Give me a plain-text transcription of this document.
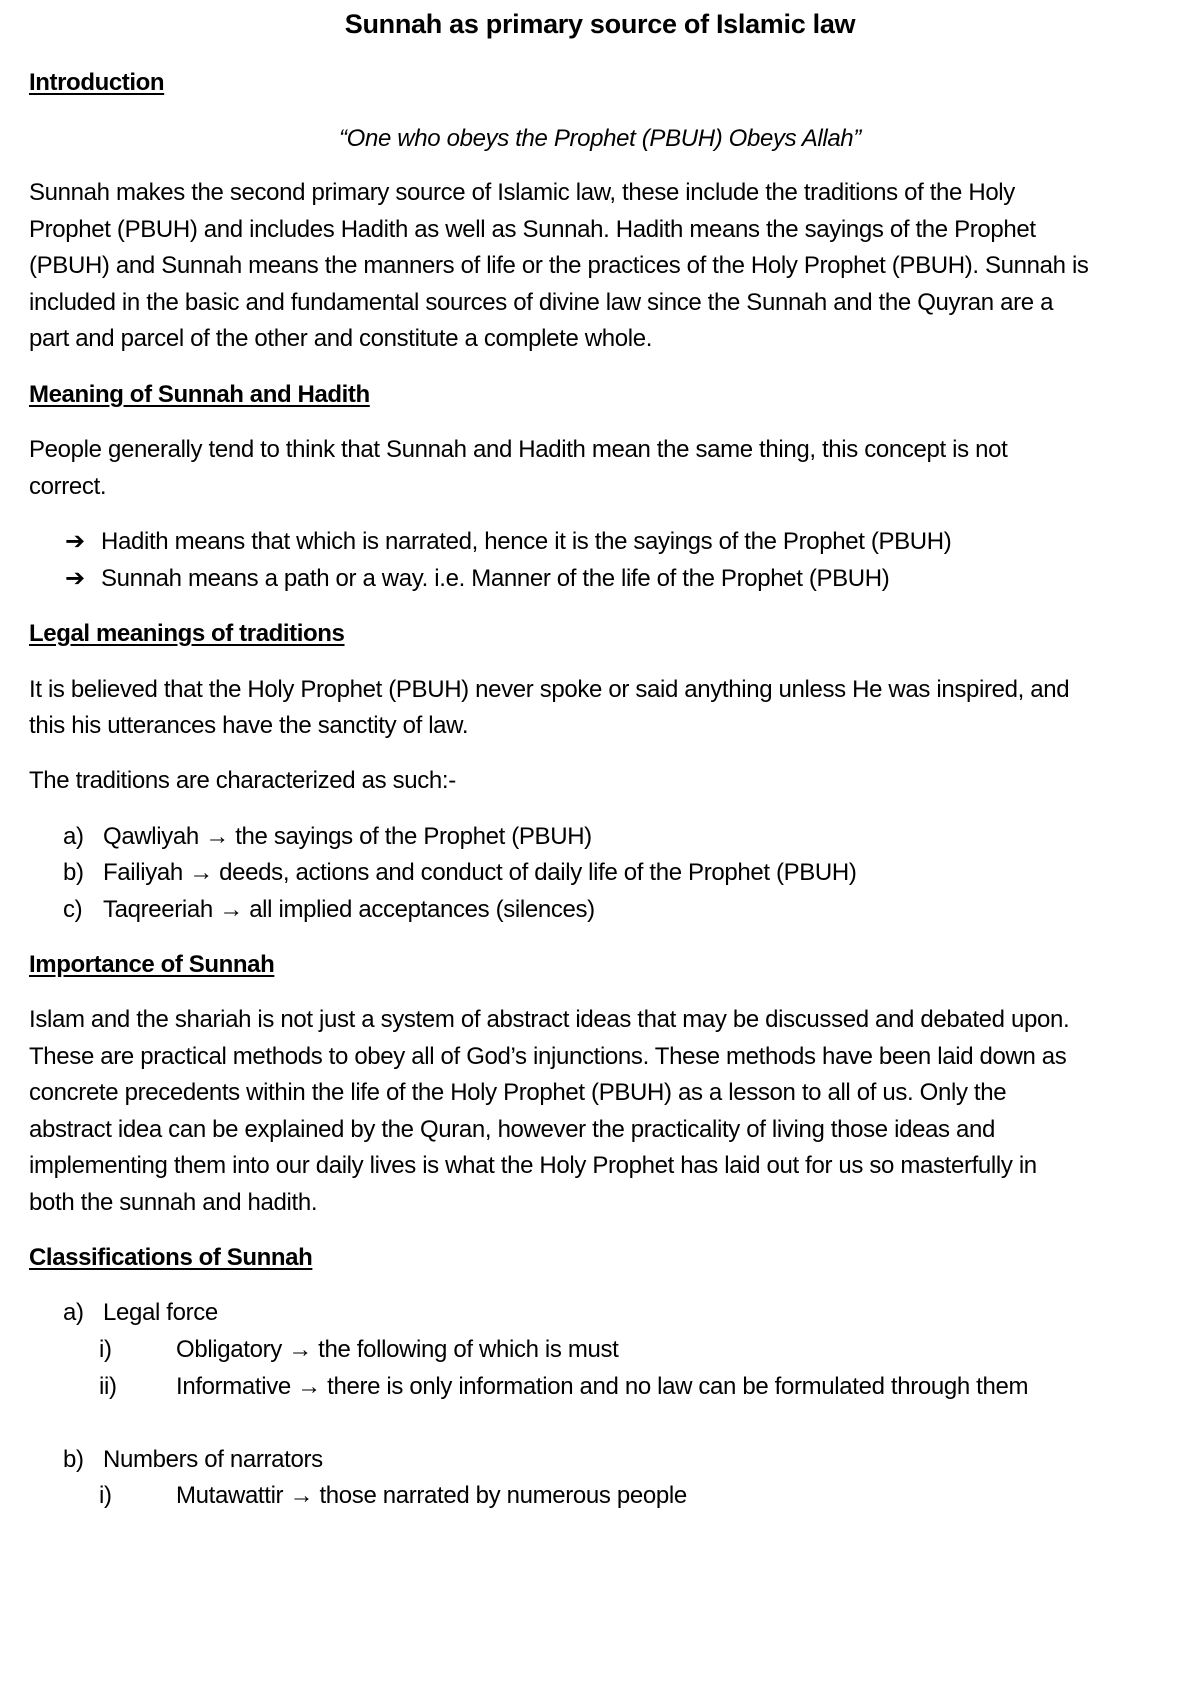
Sunnah as primary source of Islamic law
Introduction
“One who obeys the Prophet (PBUH) Obeys Allah”
Sunnah makes the second primary source of Islamic law, these include the traditions of the Holy
Prophet (PBUH) and includes Hadith as well as Sunnah. Hadith means the sayings of the Prophet
(PBUH) and Sunnah means the manners of life or the practices of the Holy Prophet (PBUH). Sunnah is
included in the basic and fundamental sources of divine law since the Sunnah and the Quyran are a
part and parcel of the other and constitute a complete whole.
Meaning of Sunnah and Hadith
People generally tend to think that Sunnah and Hadith mean the same thing, this concept is not
correct.
➔ Hadith means that which is narrated, hence it is the sayings of the Prophet (PBUH)
➔ Sunnah means a path or a way. i.e. Manner of the life of the Prophet (PBUH)
Legal meanings of traditions
It is believed that the Holy Prophet (PBUH) never spoke or said anything unless He was inspired, and
this his utterances have the sanctity of law.
The traditions are characterized as such:-
a) Qawliyah → the sayings of the Prophet (PBUH)
b) Failiyah → deeds, actions and conduct of daily life of the Prophet (PBUH)
c) Taqreeriah → all implied acceptances (silences)
Importance of Sunnah
Islam and the shariah is not just a system of abstract ideas that may be discussed and debated upon.
These are practical methods to obey all of God’s injunctions. These methods have been laid down as
concrete precedents within the life of the Holy Prophet (PBUH) as a lesson to all of us. Only the
abstract idea can be explained by the Quran, however the practicality of living those ideas and
implementing them into our daily lives is what the Holy Prophet has laid out for us so masterfully in
both the sunnah and hadith.
Classifications of Sunnah
a) Legal force
i)	Obligatory → the following of which is must
ii) Informative → there is only information and no law can be formulated through them
b) Numbers of narrators
i)	Mutawattir → those narrated by numerous people
